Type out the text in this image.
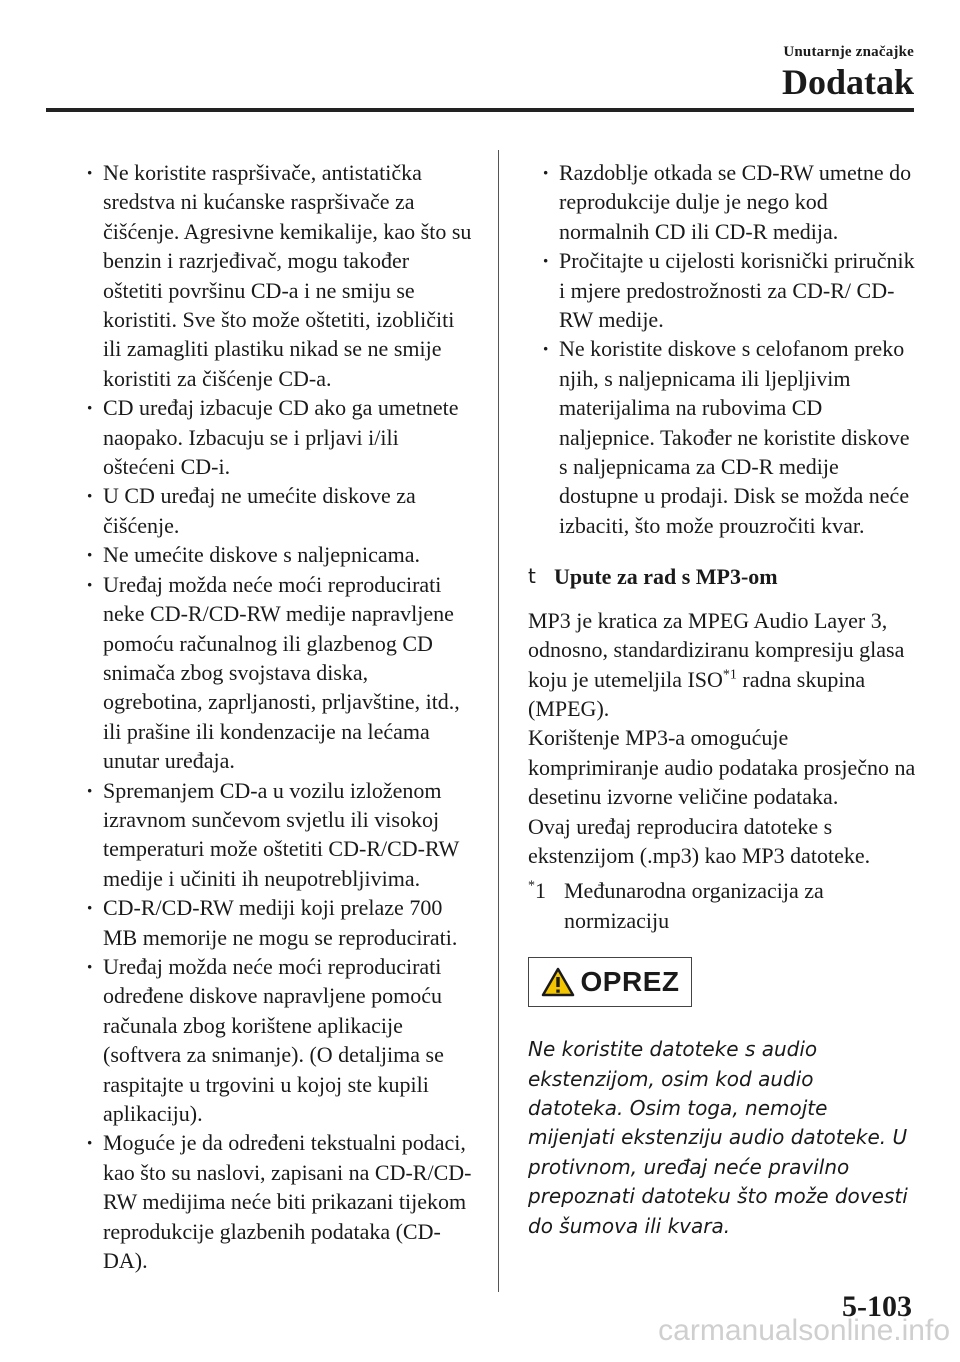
Unutarnje značajke
Dodatak
· Ne koristite raspršivače, antistatička sredstva ni kućanske raspršivače za čišćenje. Agresivne kemikalije, kao što su benzin i razrjeđivač, mogu također oštetiti površinu CD-a i ne smiju se koristiti. Sve što može oštetiti, izobličiti ili zamagliti plastiku nikad se ne smije koristiti za čišćenje CD-a.
· CD uređaj izbacuje CD ako ga umetnete naopako. Izbacuju se i prljavi i/ili oštećeni CD-i.
· U CD uređaj ne umećite diskove za čišćenje.
· Ne umećite diskove s naljepnicama.
· Uređaj možda neće moći reproducirati neke CD-R/CD-RW medije napravljene pomoću računalnog ili glazbenog CD snimača zbog svojstava diska, ogrebotina, zaprljanosti, prljavštine, itd., ili prašine ili kondenzacije na lećama unutar uređaja.
· Spremanjem CD-a u vozilu izloženom izravnom sunčevom svjetlu ili visokoj temperaturi može oštetiti CD-R/CD-RW medije i učiniti ih neupotrebljivima.
· CD-R/CD-RW mediji koji prelaze 700 MB memorije ne mogu se reproducirati.
· Uređaj možda neće moći reproducirati određene diskove napravljene pomoću računala zbog korištene aplikacije (softvera za snimanje). (O detaljima se raspitajte u trgovini u kojoj ste kupili aplikaciju).
· Moguće je da određeni tekstualni podaci, kao što su naslovi, zapisani na CD-R/CD-RW medijima neće biti prikazani tijekom reprodukcije glazbenih podataka (CD-DA).
· Razdoblje otkada se CD-RW umetne do reprodukcije dulje je nego kod normalnih CD ili CD-R medija.
· Pročitajte u cijelosti korisnički priručnik i mjere predostrožnosti za CD-R/ CD-RW medije.
· Ne koristite diskove s celofanom preko njih, s naljepnicama ili ljepljivim materijalima na rubovima CD naljepnice. Također ne koristite diskove s naljepnicama za CD-R medije dostupne u prodaji. Disk se možda neće izbaciti, što može prouzročiti kvar.
t Upute za rad s MP3-om

MP3 je kratica za MPEG Audio Layer 3, odnosno, standardiziranu kompresiju glasa koju je utemeljila ISO$^{*1}$ radna skupina (MPEG).

Korištenje MP3-a omogućuje komprimiranje audio podataka prosječno na desetinu izvorne veličine podataka.

Ovaj uređaj reproducira datoteke s ekstenzijom (.mp3) kao MP3 datoteke.

*1 Međunarodna organizacija za normizaciju
OPREZ
Ne koristite datoteke s audio ekstenzijom, osim kod audio datoteka. Osim toga, nemojte mijenjati ekstenziju audio datoteke. U protivnom, uređaj neće pravilno prepoznati datoteku što može dovesti do šumova ili kvara.
5-103
carmanualsonline.info
